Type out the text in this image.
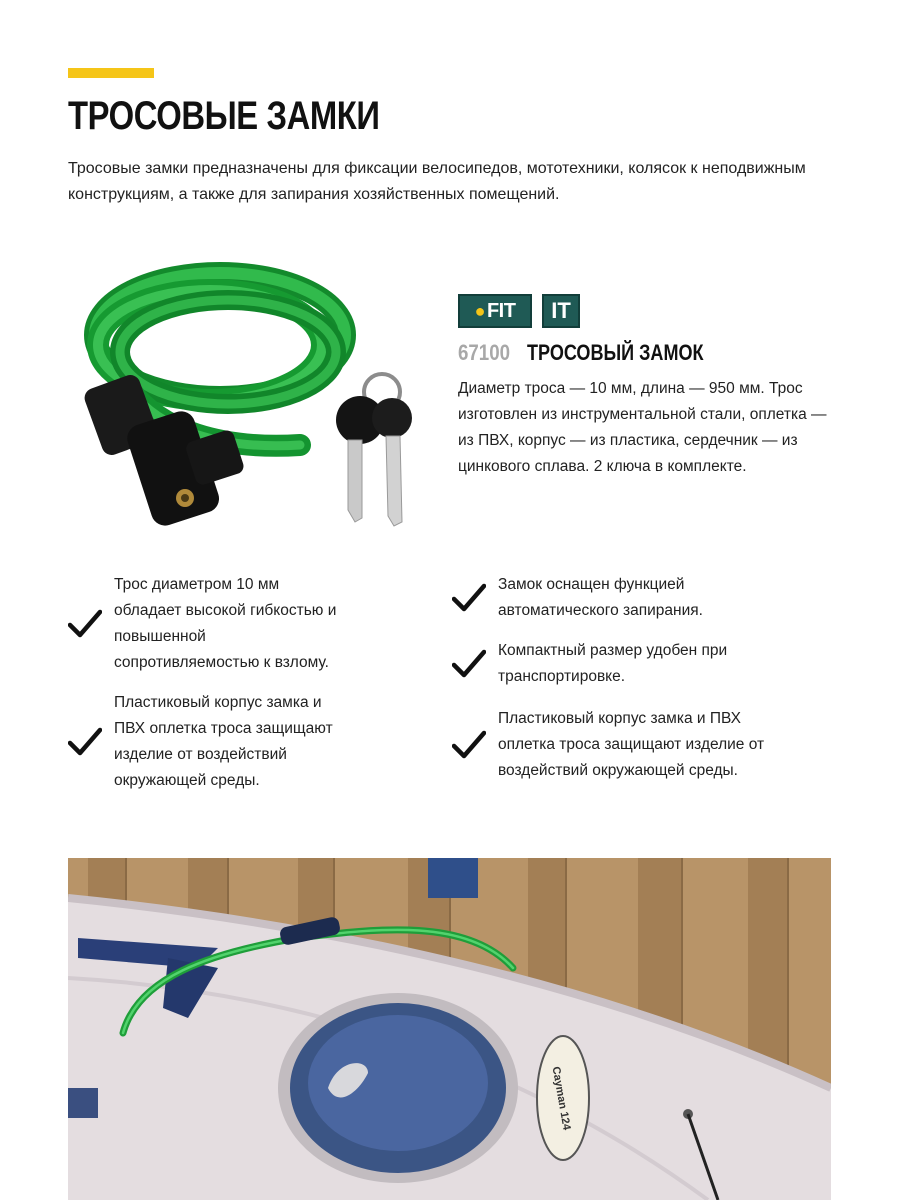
ТРОСОВЫЕ ЗАМКИ

Тросовые замки предназначены для фиксации велосипедов, мототехники, колясок к неподвижным конструкциям, а также для запирания хозяйственных помещений.

● FIT	IT
67100 ТРОСОВЫЙ ЗАМОК

Диаметр троса — 10 мм, длина — 950 мм. Трос изготовлен из инструментальной стали, оплетка — из ПВХ, корпус — из пластика, сердечник — из цинкового сплава. 2 ключа в комплекте.

Трос диаметром 10 мм обладает высокой гибкостью и повышенной сопротивляемостью к взлому.

Пластиковый корпус замка и ПВХ оплетка троса защищают изделие от воздействий окружающей среды.

Замок оснащен функцией автоматического запирания.

Компактный размер удобен при транспортировке.

Пластиковый корпус замка и ПВХ оплетка троса защищают изделие от воздействий окружающей среды.

Cayman 124
